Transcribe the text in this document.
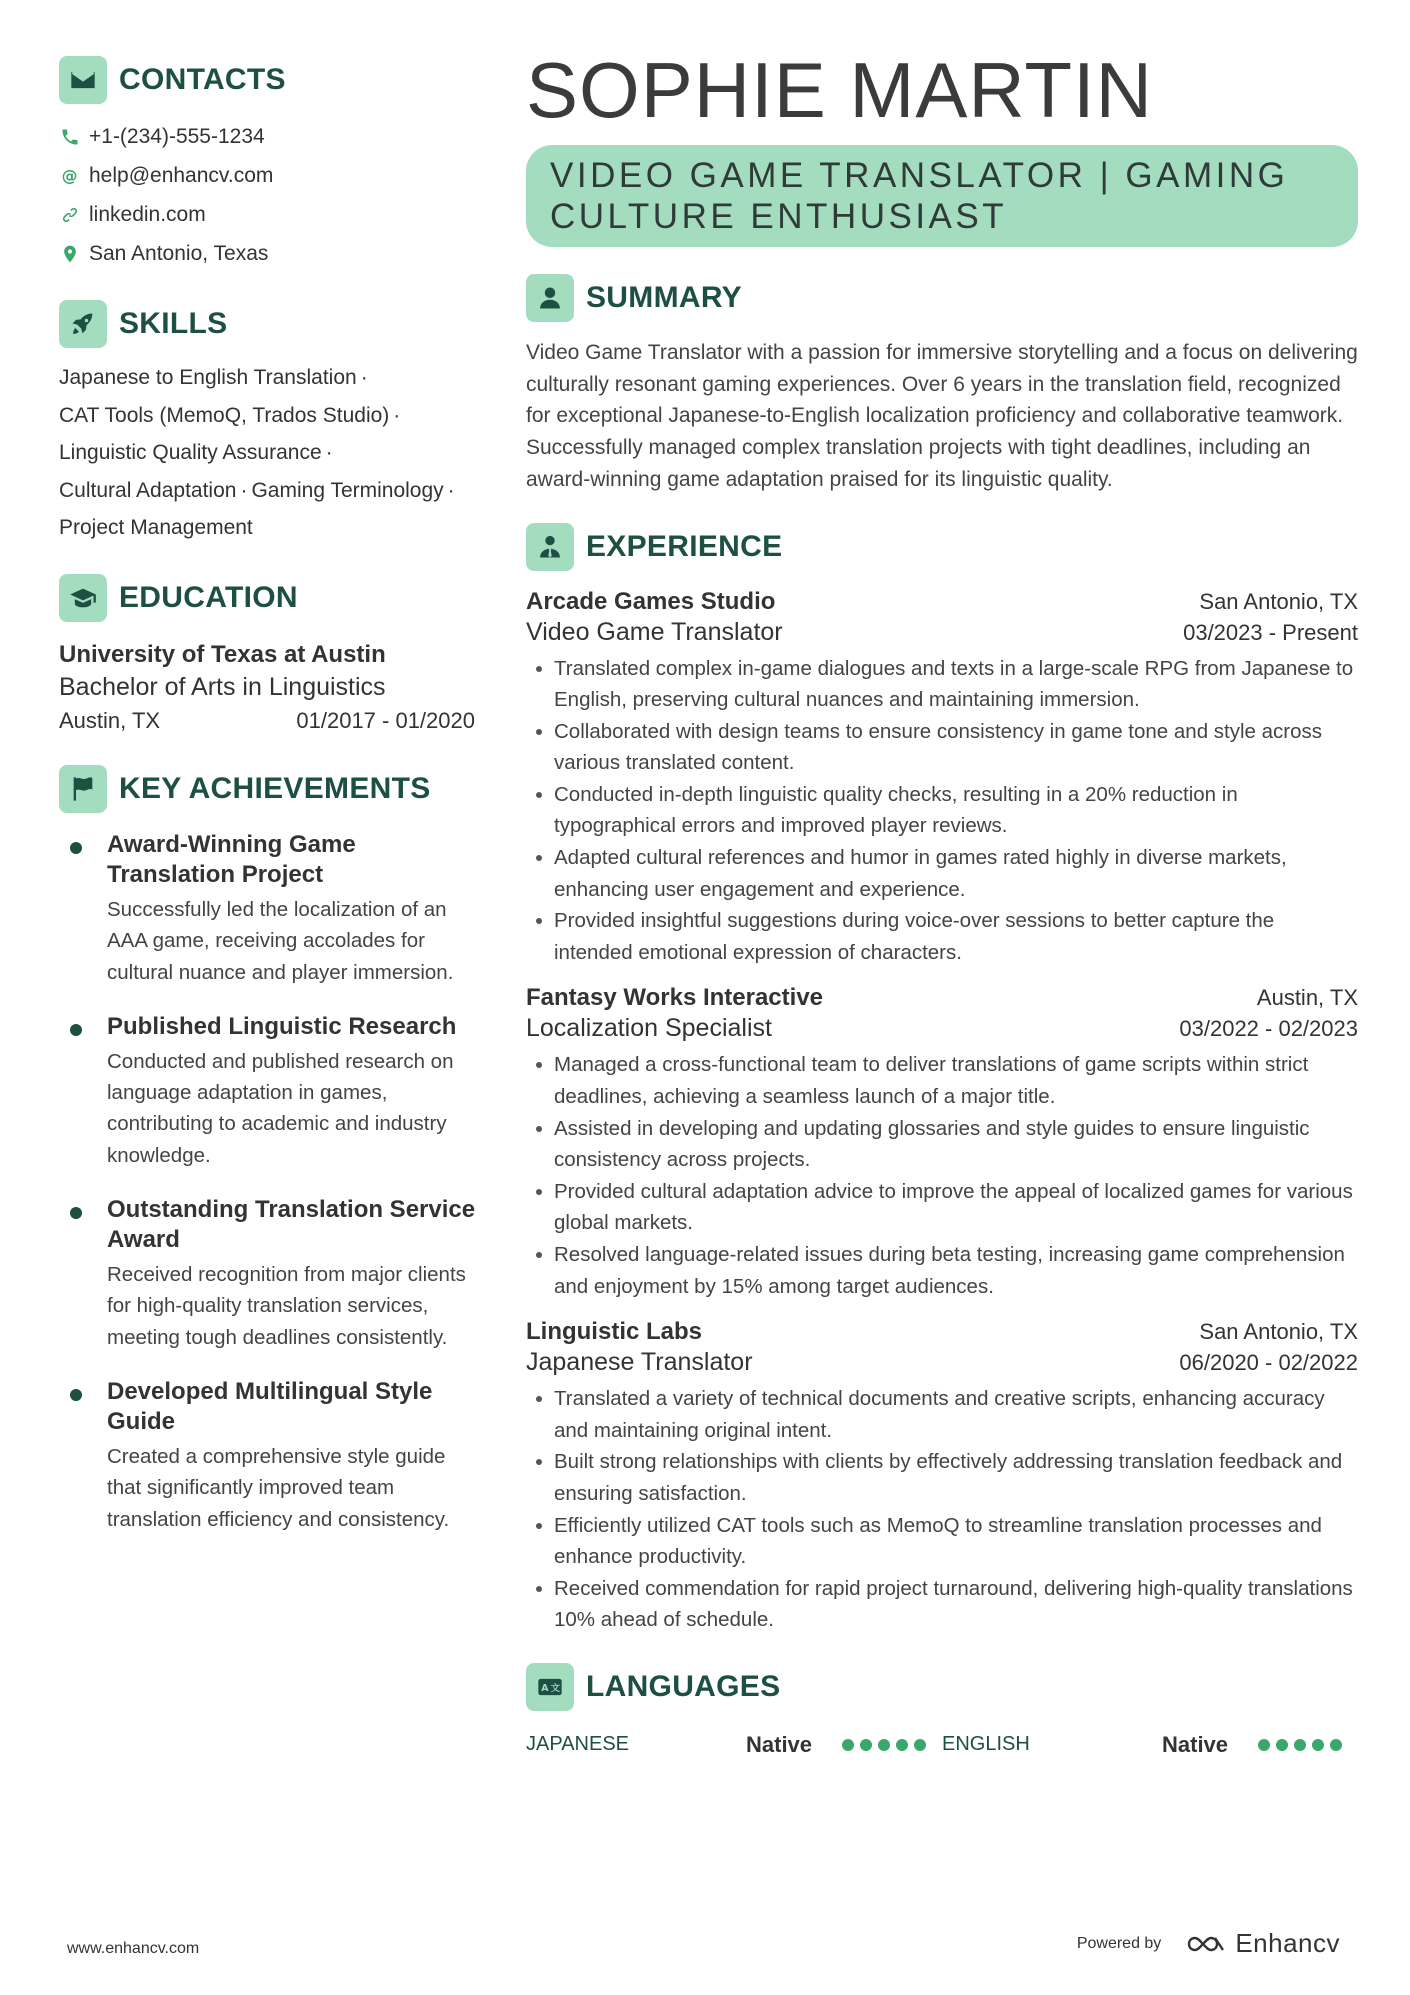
CONTACTS
+1-(234)-555-1234
@ help@enhancv.com
linkedin.com
San Antonio, Texas
SKILLS
Japanese to English Translation ·
CAT Tools (MemoQ, Trados Studio) ·
Linguistic Quality Assurance ·
Cultural Adaptation · Gaming Terminology ·
Project Management
EDUCATION
University of Texas at Austin
Bachelor of Arts in Linguistics
Austin, TX	01/2017 - 01/2020
KEY ACHIEVEMENTS
Award-Winning Game Translation Project
Successfully led the localization of an AAA game, receiving accolades for cultural nuance and player immersion.
Published Linguistic Research
Conducted and published research on language adaptation in games, contributing to academic and industry knowledge.
Outstanding Translation Service Award
Received recognition from major clients for high-quality translation services, meeting tough deadlines consistently.
Developed Multilingual Style Guide
Created a comprehensive style guide that significantly improved team translation efficiency and consistency.
SOPHIE MARTIN
VIDEO GAME TRANSLATOR | GAMING CULTURE ENTHUSIAST
SUMMARY

Video Game Translator with a passion for immersive storytelling and a focus on delivering culturally resonant gaming experiences. Over 6 years in the translation field, recognized for exceptional Japanese-to-English localization proficiency and collaborative teamwork. Successfully managed complex translation projects with tight deadlines, including an award-winning game adaptation praised for its linguistic quality.

EXPERIENCE
Arcade Games Studio	San Antonio, TX
Video Game Translator	03/2023 - Present
Translated complex in-game dialogues and texts in a large-scale RPG from Japanese to English, preserving cultural nuances and maintaining immersion.
Collaborated with design teams to ensure consistency in game tone and style across various translated content.
Conducted in-depth linguistic quality checks, resulting in a 20% reduction in typographical errors and improved player reviews.
Adapted cultural references and humor in games rated highly in diverse markets, enhancing user engagement and experience.
Provided insightful suggestions during voice-over sessions to better capture the intended emotional expression of characters.
Fantasy Works Interactive	Austin, TX
Localization Specialist	03/2022 - 02/2023
Managed a cross-functional team to deliver translations of game scripts within strict deadlines, achieving a seamless launch of a major title.
Assisted in developing and updating glossaries and style guides to ensure linguistic consistency across projects.
Provided cultural adaptation advice to improve the appeal of localized games for various global markets.
Resolved language-related issues during beta testing, increasing game comprehension and enjoyment by 15% among target audiences.
Linguistic Labs	San Antonio, TX
Japanese Translator	06/2020 - 02/2022
Translated a variety of technical documents and creative scripts, enhancing accuracy and maintaining original intent.
Built strong relationships with clients by effectively addressing translation feedback and ensuring satisfaction.
Efficiently utilized CAT tools such as MemoQ to streamline translation processes and enhance productivity.
Received commendation for rapid project turnaround, delivering high-quality translations 10% ahead of schedule.
A 文 LANGUAGES
JAPANESE	Native	ENGLISH	Native
www.enhancv.com	Powered by	Enhancv
